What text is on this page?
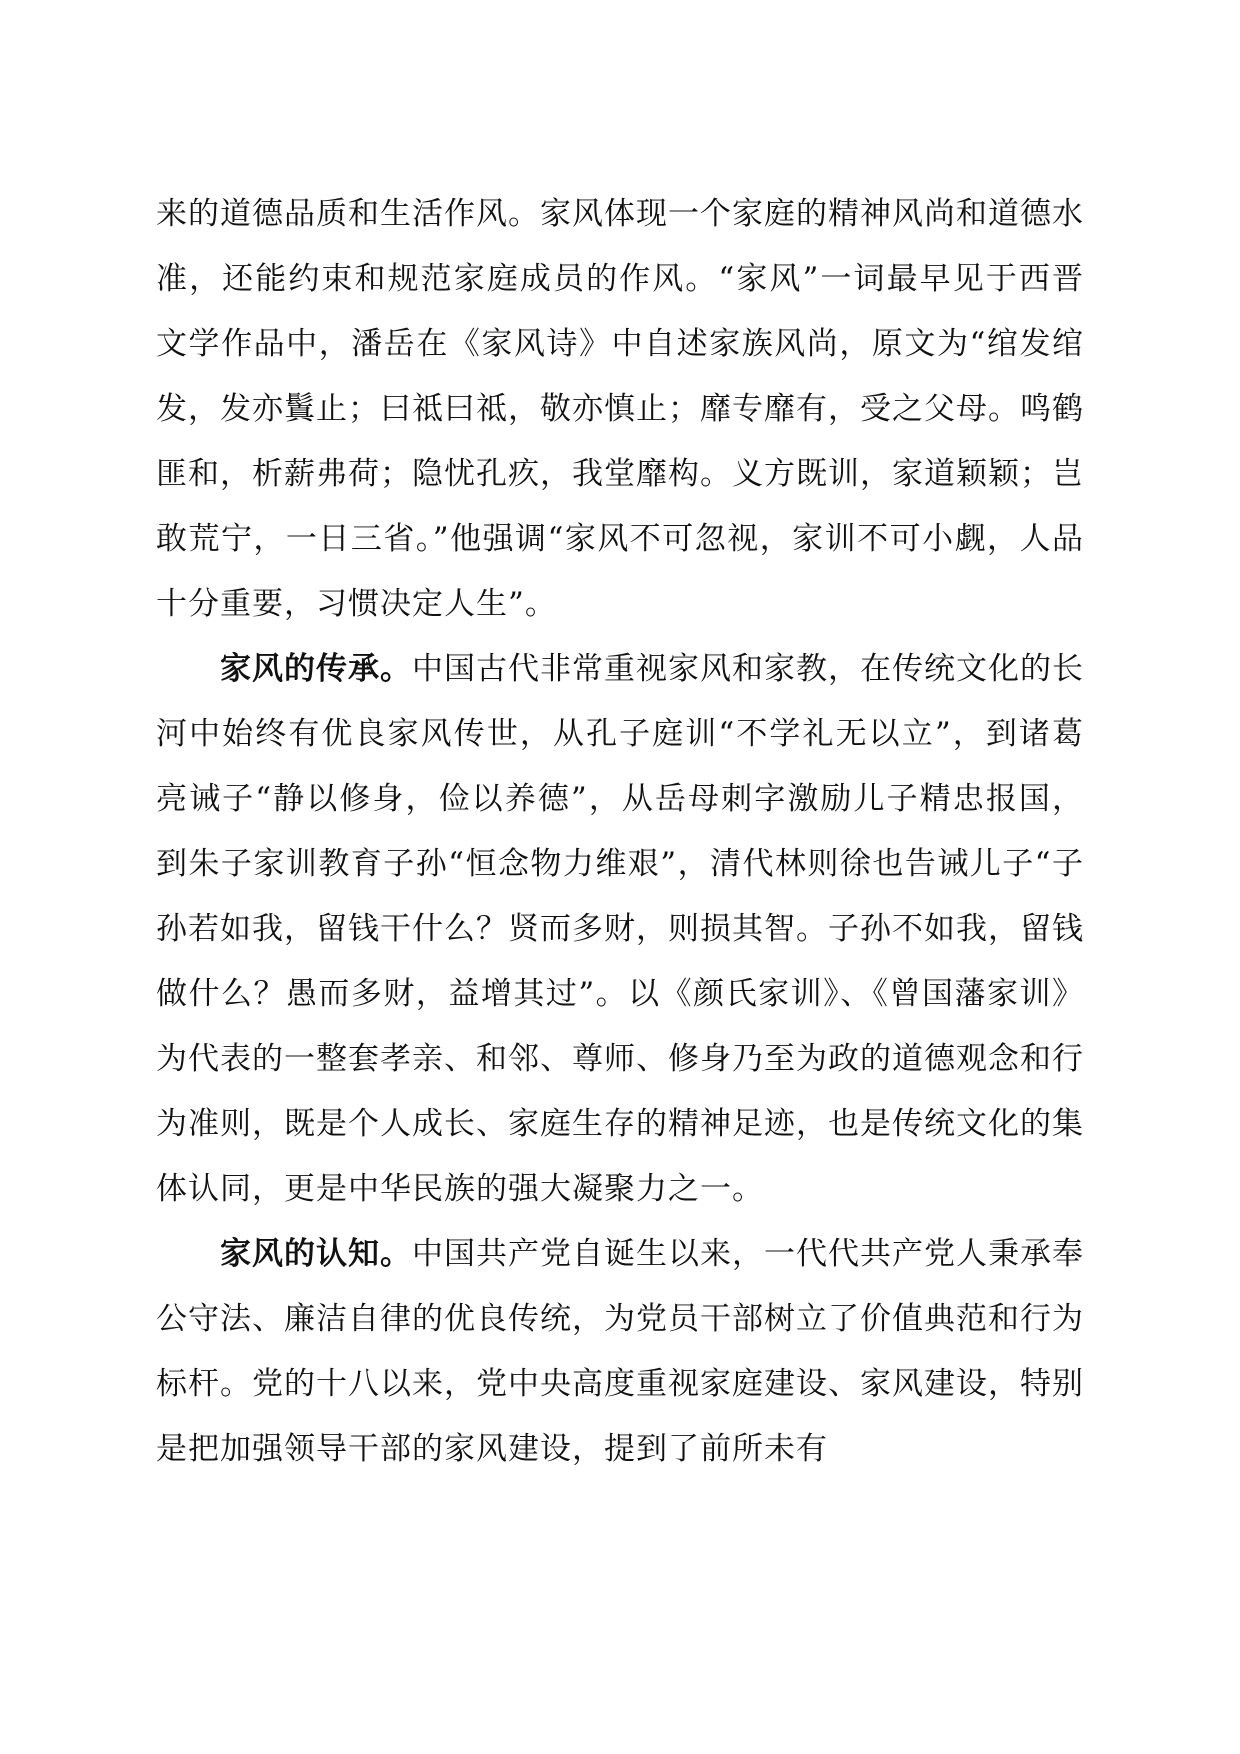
来的道德品质和生活作风。家风体现一个家庭的精神风尚和道德水准，还能约束和规范家庭成员的作风。“家风”一词最早见于西晋文学作品中，潘岳在《家风诗》中自述家族风尚，原文为“绾发绾发，发亦鬒止；曰祗曰祗，敬亦慎止；靡专靡有，受之父母。鸣鹤匪和，析薪弗荷；隐忧孔疚，我堂靡构。义方既训，家道颖颖；岂敢荒宁，一日三省。”他强调“家风不可忽视，家训不可小觑，人品十分重要，习惯决定人生”。

家风的传承。中国古代非常重视家风和家教，在传统文化的长河中始终有优良家风传世，从孔子庭训“不学礼无以立”，到诸葛亮诫子“静以修身，俭以养德”，从岳母刺字激励儿子精忠报国，到朱子家训教育子孙“恒念物力维艰”，清代林则徐也告诫儿子“子孙若如我，留钱干什么？贤而多财，则损其智。子孙不如我，留钱做什么？愚而多财，益增其过”。以《颜氏家训》、《曾国藩家训》为代表的一整套孝亲、和邻、尊师、修身乃至为政的道德观念和行为准则，既是个人成长、家庭生存的精神足迹，也是传统文化的集体认同，更是中华民族的强大凝聚力之一。

家风的认知。中国共产党自诞生以来，一代代共产党人秉承奉公守法、廉洁自律的优良传统，为党员干部树立了价值典范和行为标杆。党的十八以来，党中央高度重视家庭建设、家风建设，特别是把加强领导干部的家风建设，提到了前所未有
